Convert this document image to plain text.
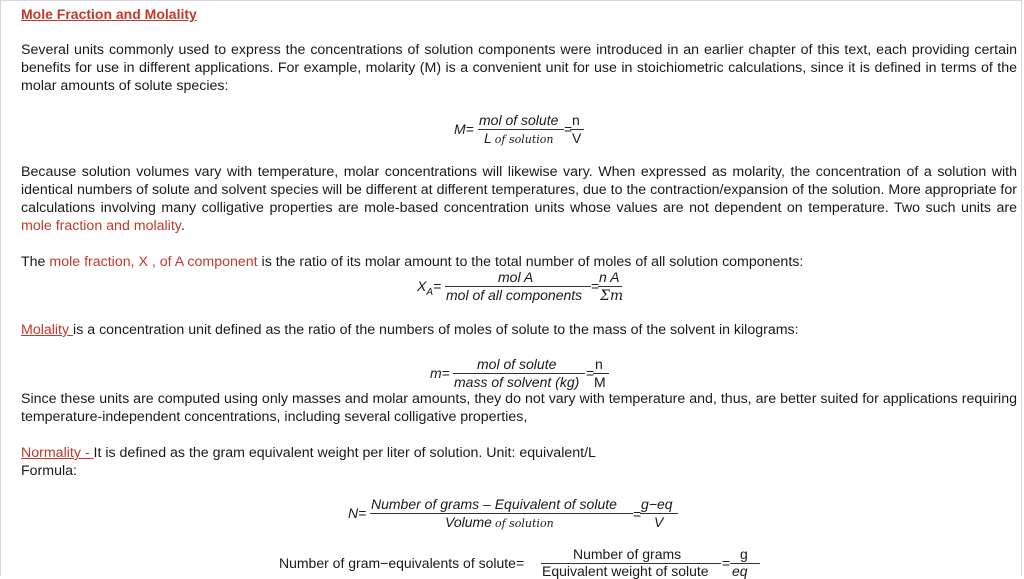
Mole Fraction and Molality

Several units commonly used to express the concentrations of solution components were introduced in an earlier chapter of this text, each providing certain benefits for use in different applications. For example, molarity (M) is a convenient unit for use in stoichiometric calculations, since it is defined in terms of the molar amounts of solute species:

M=
mol of solute
L of solution
=
n
V

Because solution volumes vary with temperature, molar concentrations will likewise vary. When expressed as molarity, the concentration of a solution with identical numbers of solute and solvent species will be different at different temperatures, due to the contraction/expansion of the solution. More appropriate for calculations involving many colligative properties are mole-based concentration units whose values are not dependent on temperature. Two such units are mole fraction and molality.

The mole fraction, X , of A component is the ratio of its molar amount to the total number of moles of all solution components:

$X_A=$
mol A
mol of all components
=
n A
Σm

Molality is a concentration unit defined as the ratio of the numbers of moles of solute to the mass of the solvent in kilograms:

m=
mol of solute
mass of solvent (kg)
=
n
M

Since these units are computed using only masses and molar amounts, they do not vary with temperature and, thus, are better suited for applications requiring temperature-independent concentrations, including several colligative properties,

Normality - It is defined as the gram equivalent weight per liter of solution. Unit: equivalent/L

Formula:

N=
Number of grams – Equivalent of solute
Volume of solution
=
g−eq
V
Number of gram−equivalents of solute=
Number of grams
Equivalent weight of solute =
g
eq
